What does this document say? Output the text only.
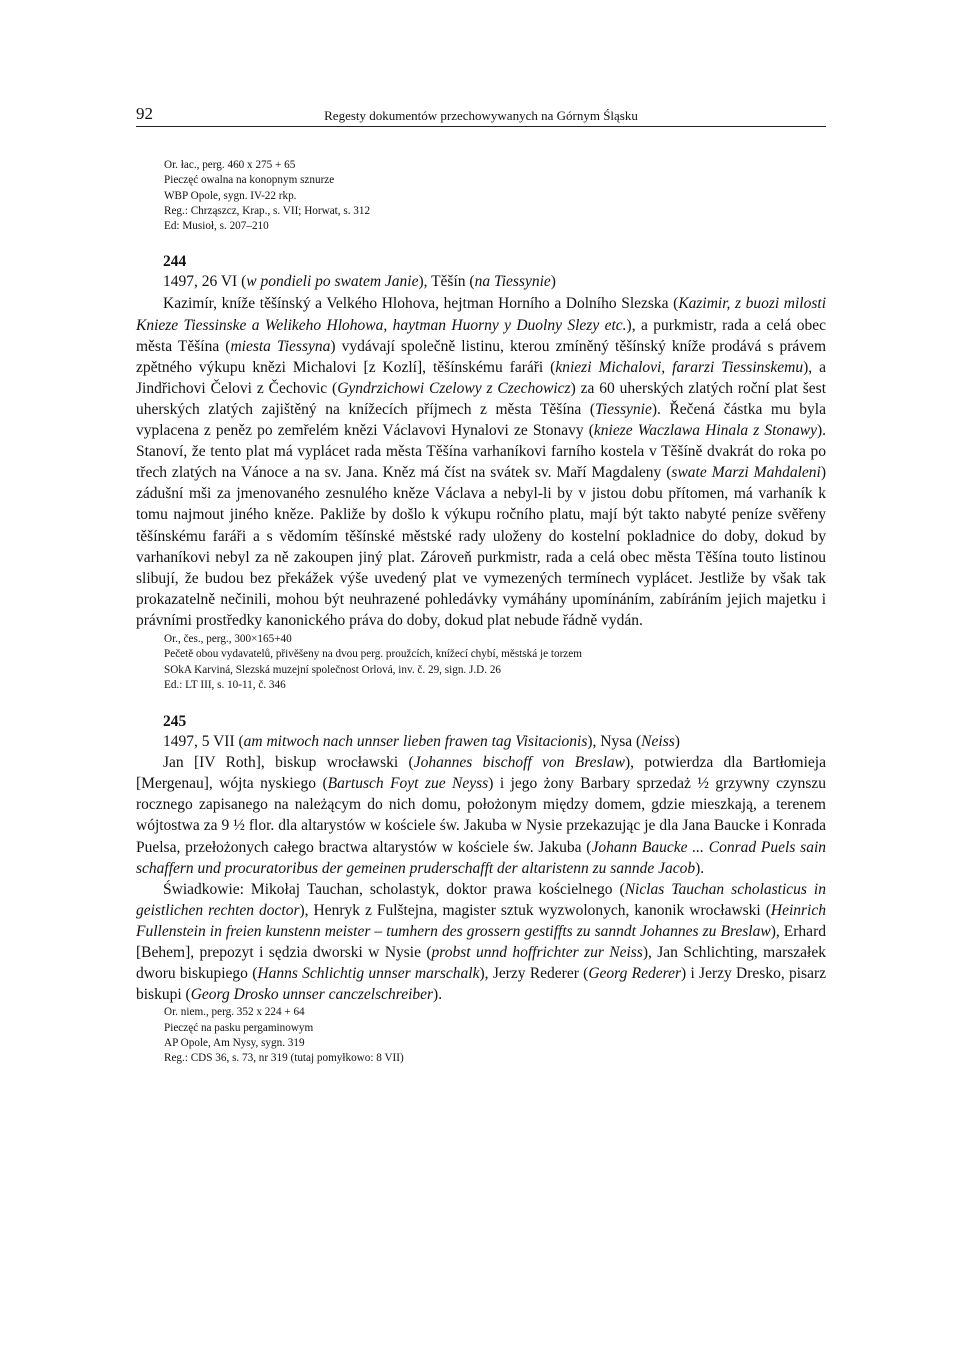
92	Regesty dokumentów przechowywanych na Górnym Śląsku
Or. łac., perg. 460 x 275 + 65
Pieczęć owalna na konopnym sznurze
WBP Opole, sygn. IV-22 rkp.
Reg.: Chrząszcz, Krap., s. VII; Horwat, s. 312
Ed: Musioł, s. 207–210
244
1497, 26 VI (w pondieli po swatem Janie), Těšín (na Tiessynie)

Kazimír, kníže těšínský a Velkého Hlohova, hejtman Horního a Dolního Slezska (Kazimir, z buozi milosti Knieze Tiessinske a Welikeho Hlohowa, haytman Huorny y Duolny Slezy etc.), a purkmistr, rada a celá obec města Těšína (miesta Tiessyna) vydávají společně listinu, kterou zmíněný těšínský kníže prodává s právem zpětného výkupu knězi Michalovi [z Kozlí], těšínskému faráři (kniezi Michalovi, fararzi Tiessinskemu), a Jindřichovi Čelovi z Čechovic (Gyndrzichowi Czelowy z Czechowicz) za 60 uherských zlatých roční plat šest uherských zlatých zajištěný na knížecích příjmech z města Těšína (Tiessynie). Řečená částka mu byla vyplacena z peněz po zemřelém knězi Václavovi Hynalovi ze Stonavy (knieze Waczlawa Hinala z Stonawy). Stanoví, že tento plat má vyplácet rada města Těšína varhaníkovi farního kostela v Těšíně dvakrát do roka po třech zlatých na Vánoce a na sv. Jana. Kněz má číst na svátek sv. Maří Magdaleny (swate Marzi Mahdaleni) zádušní mši za jmenovaného zesnulého kněze Václava a nebyl-li by v jistou dobu přítomen, má varhaník k tomu najmout jiného kněze. Pakliže by došlo k výkupu ročního platu, mají být takto nabyté peníze svěřeny těšínskému faráři a s vědomím těšínské městské rady uloženy do kostelní pokladnice do doby, dokud by varhaníkovi nebyl za ně zakoupen jiný plat. Zároveň purkmistr, rada a celá obec města Těšína touto listinou slibují, že budou bez překážek výše uvedený plat ve vymezených termínech vyplácet. Jestliže by však tak prokazatelně nečinili, mohou být neuhrazené pohledávky vymáhány upomínáním, zabíráním jejich majetku i právními prostředky kanonického práva do doby, dokud plat nebude řádně vydán.

Or., čes., perg., 300×165+40
Pečetě obou vydavatelů, přivěšeny na dvou perg. proužcích, knížecí chybí, městská je torzem
SOkA Karviná, Slezská muzejní společnost Orlová, inv. č. 29, sign. J.D. 26
Ed.: LT III, s. 10-11, č. 346
245
1497, 5 VII (am mitwoch nach unnser lieben frawen tag Visitacionis), Nysa (Neiss)

Jan [IV Roth], biskup wrocławski (Johannes bischoff von Breslaw), potwierdza dla Bartłomieja [Mergenau], wójta nyskiego (Bartusch Foyt zue Neyss) i jego żony Barbary sprzedaż ½ grzywny czynszu rocznego zapisanego na należącym do nich domu, położonym między domem, gdzie mieszkają, a terenem wójtostwa za 9 ½ flor. dla altarystów w kościele św. Jakuba w Nysie przekazując je dla Jana Baucke i Konrada Puelsa, przełożonych całego bractwa altarystów w kościele św. Jakuba (Johann Baucke ... Conrad Puels sain schaffern und procuratoribus der gemeinen pruderschafft der altaristenn zu sannde Jacob).

Świadkowie: Mikołaj Tauchan, scholastyk, doktor prawa kościelnego (Niclas Tauchan scholasticus in geistlichen rechten doctor), Henryk z Fulštejna, magister sztuk wyzwolonych, kanonik wrocławski (Heinrich Fullenstein in freien kunstenn meister – tumhern des grossern gestiffts zu sanndt Johannes zu Breslaw), Erhard [Behem], prepozyt i sędzia dworski w Nysie (probst unnd hoffrichter zur Neiss), Jan Schlichting, marszałek dworu biskupiego (Hanns Schlichtig unnser marschalk), Jerzy Rederer (Georg Rederer) i Jerzy Dresko, pisarz biskupi (Georg Drosko unnser canczelschreiber).

Or. niem., perg. 352 x 224 + 64
Pieczęć na pasku pergaminowym
AP Opole, Am Nysy, sygn. 319
Reg.: CDS 36, s. 73, nr 319 (tutaj pomyłkowo: 8 VII)
